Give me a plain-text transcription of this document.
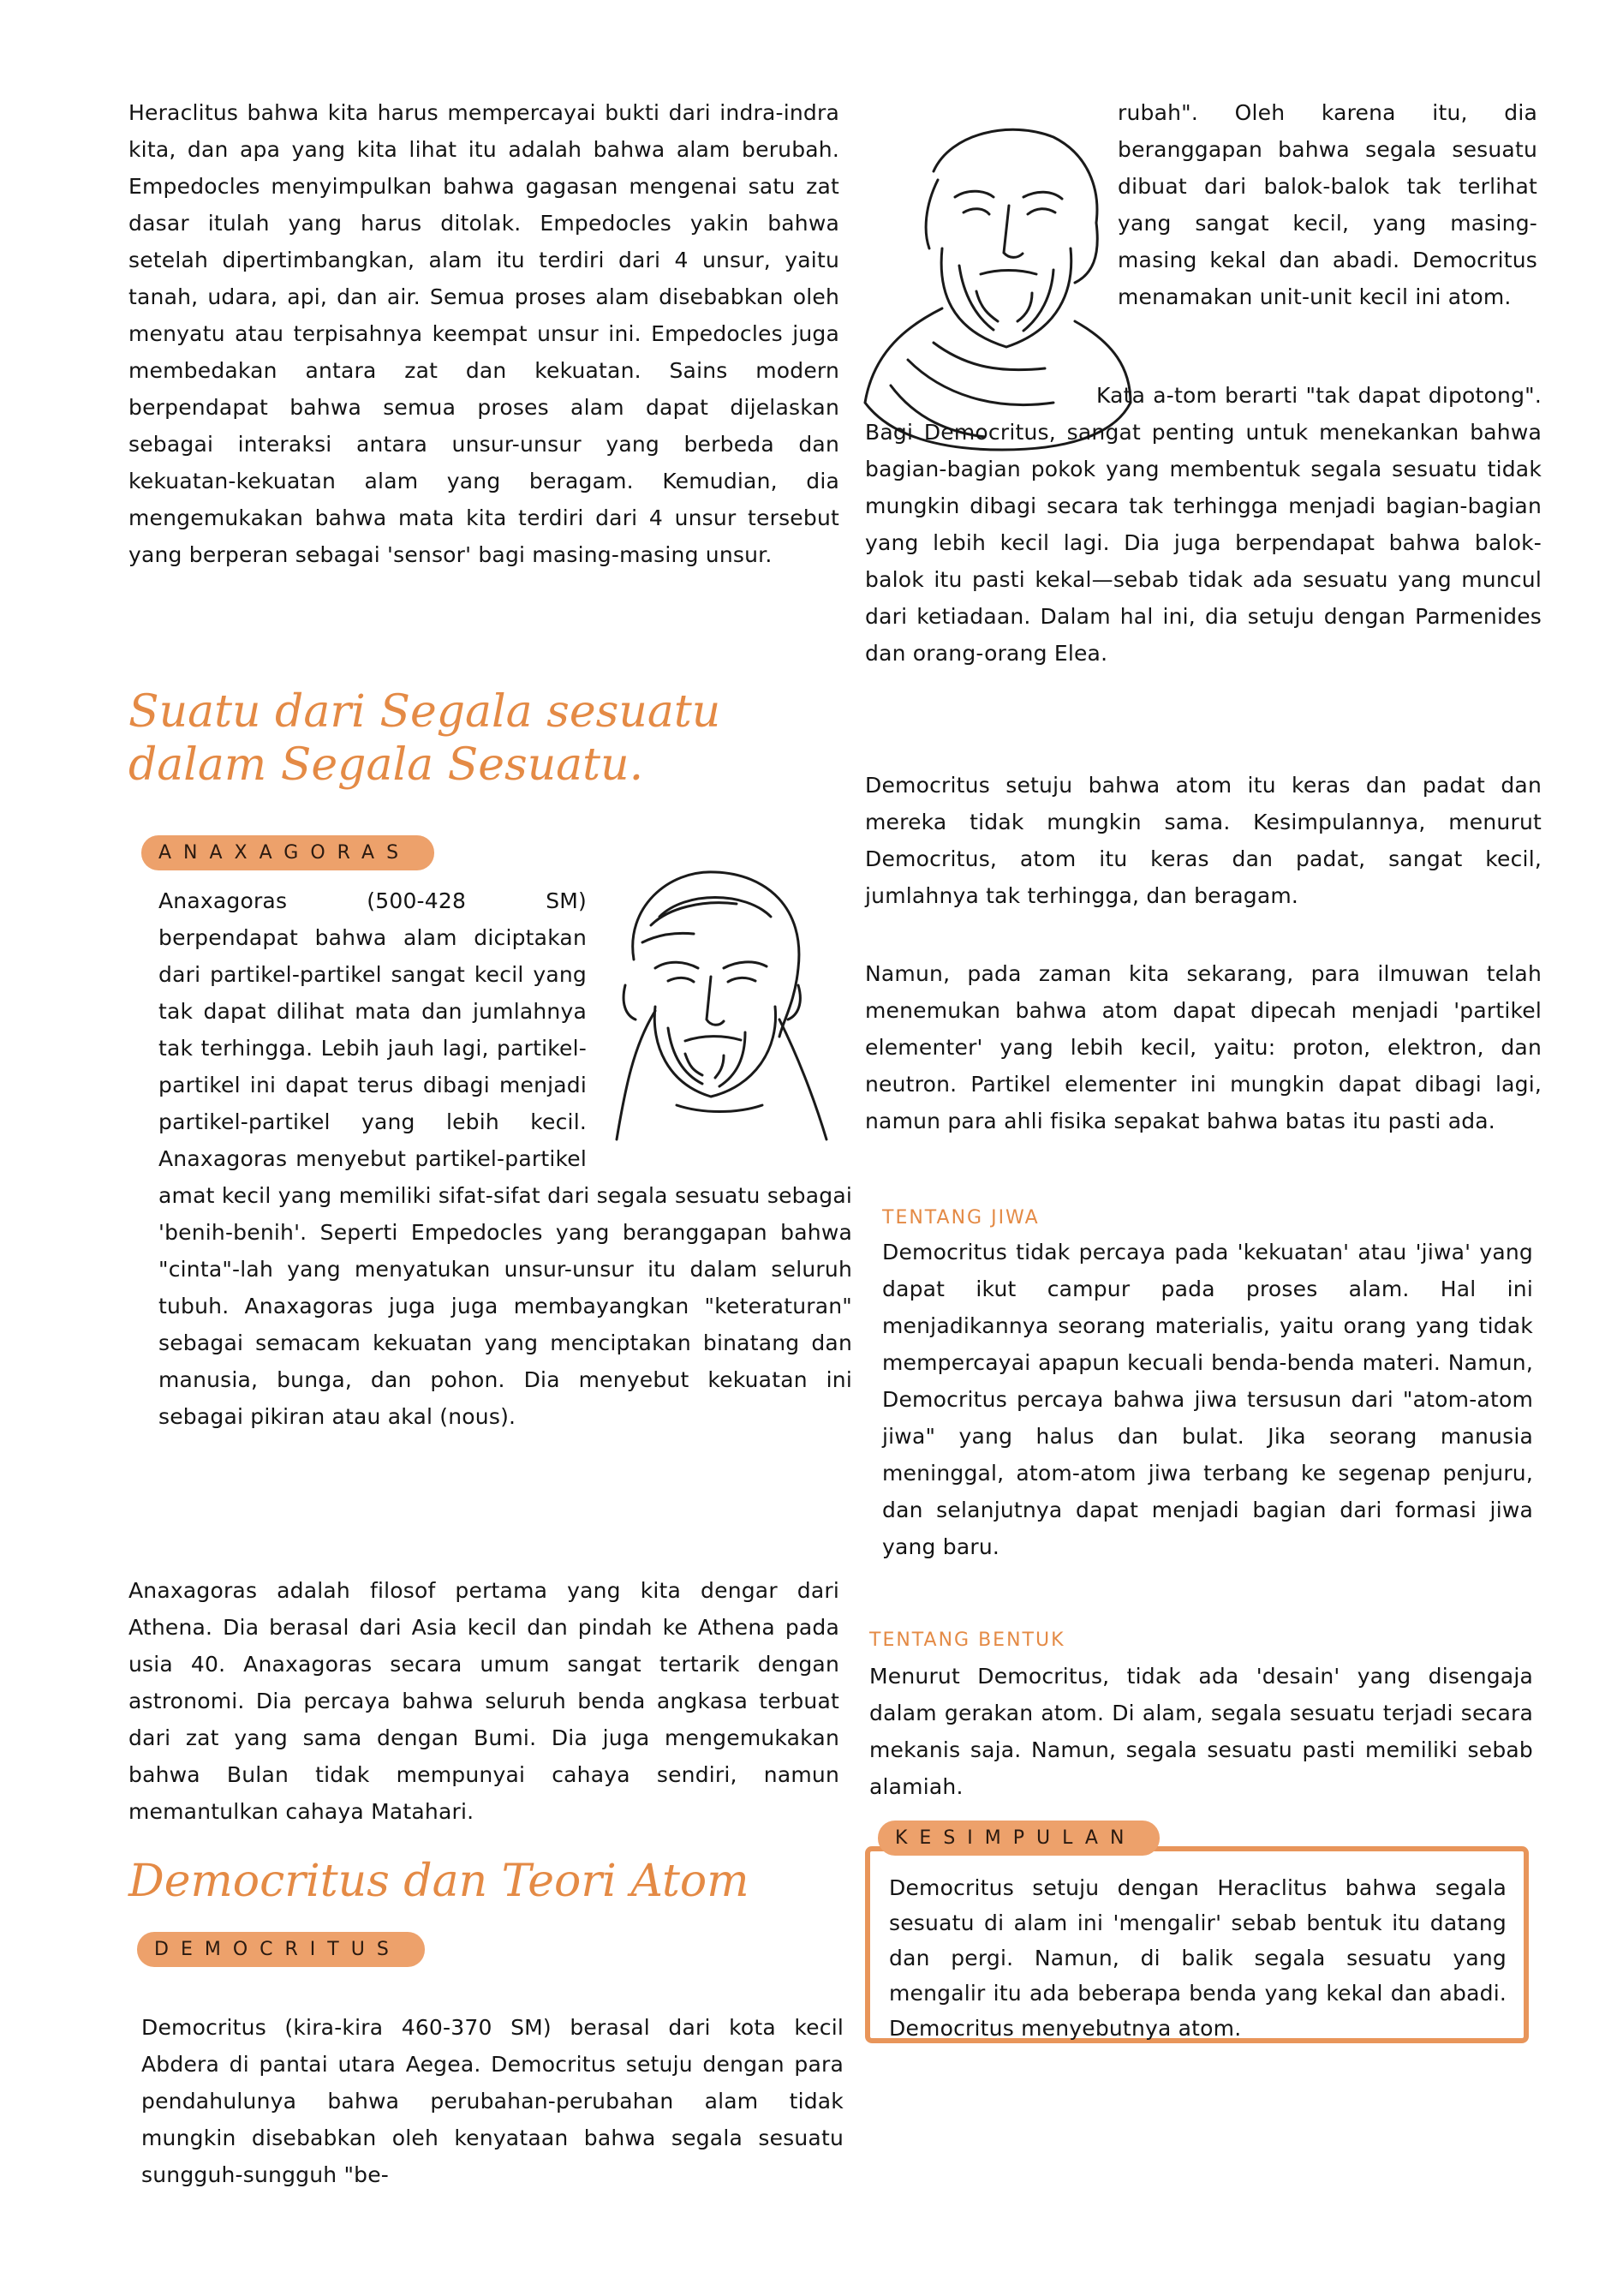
Heraclitus bahwa kita harus mempercayai bukti dari indra-indra kita, dan apa yang kita lihat itu adalah bahwa alam berubah. Empedocles menyimpulkan bahwa gagasan mengenai satu zat dasar itulah yang harus ditolak. Empedocles yakin bahwa setelah dipertimbangkan, alam itu terdiri dari 4 unsur, yaitu tanah, udara, api, dan air. Semua proses alam disebabkan oleh menyatu atau terpisahnya keempat unsur ini. Empedocles juga membedakan antara zat dan kekuatan. Sains modern berpendapat bahwa semua proses alam dapat dijelaskan sebagai interaksi antara unsur-unsur yang berbeda dan kekuatan-kekuatan alam yang beragam. Kemudian, dia mengemukakan bahwa mata kita terdiri dari 4 unsur tersebut yang berperan sebagai 'sensor' bagi masing-masing unsur.

Suatu dari Segala sesuatu dalam Segala Sesuatu.

ANAXAGORAS

Anaxagoras (500-428 SM) berpendapat bahwa alam diciptakan dari partikel-partikel sangat kecil yang tak dapat dilihat mata dan jumlahnya tak terhingga. Lebih jauh lagi, partikel-partikel ini dapat terus dibagi menjadi partikel-partikel yang lebih kecil. Anaxagoras menyebut partikel-partikel amat kecil yang memiliki sifat-sifat dari segala sesuatu sebagai 'benih-benih'. Seperti Empedocles yang beranggapan bahwa "cinta"-lah yang menyatukan unsur-unsur itu dalam seluruh tubuh. Anaxagoras juga juga membayangkan "keteraturan" sebagai semacam kekuatan yang menciptakan binatang dan manusia, bunga, dan pohon. Dia menyebut kekuatan ini sebagai pikiran atau akal (nous).

Anaxagoras adalah filosof pertama yang kita dengar dari Athena. Dia berasal dari Asia kecil dan pindah ke Athena pada usia 40. Anaxagoras secara umum sangat tertarik dengan astronomi. Dia percaya bahwa seluruh benda angkasa terbuat dari zat yang sama dengan Bumi. Dia juga mengemukakan bahwa Bulan tidak mempunyai cahaya sendiri, namun memantulkan cahaya Matahari.

Democritus dan Teori Atom

DEMOCRITUS

Democritus (kira-kira 460-370 SM) berasal dari kota kecil Abdera di pantai utara Aegea. Democritus setuju dengan para pendahulunya bahwa perubahan-perubahan alam tidak mungkin disebabkan oleh kenyataan bahwa segala sesuatu sungguh-sungguh "be-

rubah". Oleh karena itu, dia beranggapan bahwa segala sesuatu dibuat dari balok-balok tak terlihat yang sangat kecil, yang masing-masing kekal dan abadi. Democritus menamakan unit-unit kecil ini atom.

Kata a-tom berarti "tak dapat dipotong". Bagi Democritus, sangat penting untuk menekankan bahwa bagian-bagian pokok yang membentuk segala sesuatu tidak mungkin dibagi secara tak terhingga menjadi bagian-bagian yang lebih kecil lagi. Dia juga berpendapat bahwa balok-balok itu pasti kekal—sebab tidak ada sesuatu yang muncul dari ketiadaan. Dalam hal ini, dia setuju dengan Parmenides dan orang-orang Elea.

Democritus setuju bahwa atom itu keras dan padat dan mereka tidak mungkin sama. Kesimpulannya, menurut Democritus, atom itu keras dan padat, sangat kecil, jumlahnya tak terhingga, dan beragam.

Namun, pada zaman kita sekarang, para ilmuwan telah menemukan bahwa atom dapat dipecah menjadi 'partikel elementer' yang lebih kecil, yaitu: proton, elektron, dan neutron. Partikel elementer ini mungkin dapat dibagi lagi, namun para ahli fisika sepakat bahwa batas itu pasti ada.

TENTANG JIWA

Democritus tidak percaya pada 'kekuatan' atau 'jiwa' yang dapat ikut campur pada proses alam. Hal ini menjadikannya seorang materialis, yaitu orang yang tidak mempercayai apapun kecuali benda-benda materi. Namun, Democritus percaya bahwa jiwa tersusun dari "atom-atom jiwa" yang halus dan bulat. Jika seorang manusia meninggal, atom-atom jiwa terbang ke segenap penjuru, dan selanjutnya dapat menjadi bagian dari formasi jiwa yang baru.

TENTANG BENTUK

Menurut Democritus, tidak ada 'desain' yang disengaja dalam gerakan atom. Di alam, segala sesuatu terjadi secara mekanis saja. Namun, segala sesuatu pasti memiliki sebab alamiah.

Democritus setuju dengan Heraclitus bahwa segala sesuatu di alam ini 'mengalir' sebab bentuk itu datang dan pergi. Namun, di balik segala sesuatu yang mengalir itu ada beberapa benda yang kekal dan abadi. Democritus menyebutnya atom.

KESIMPULAN
